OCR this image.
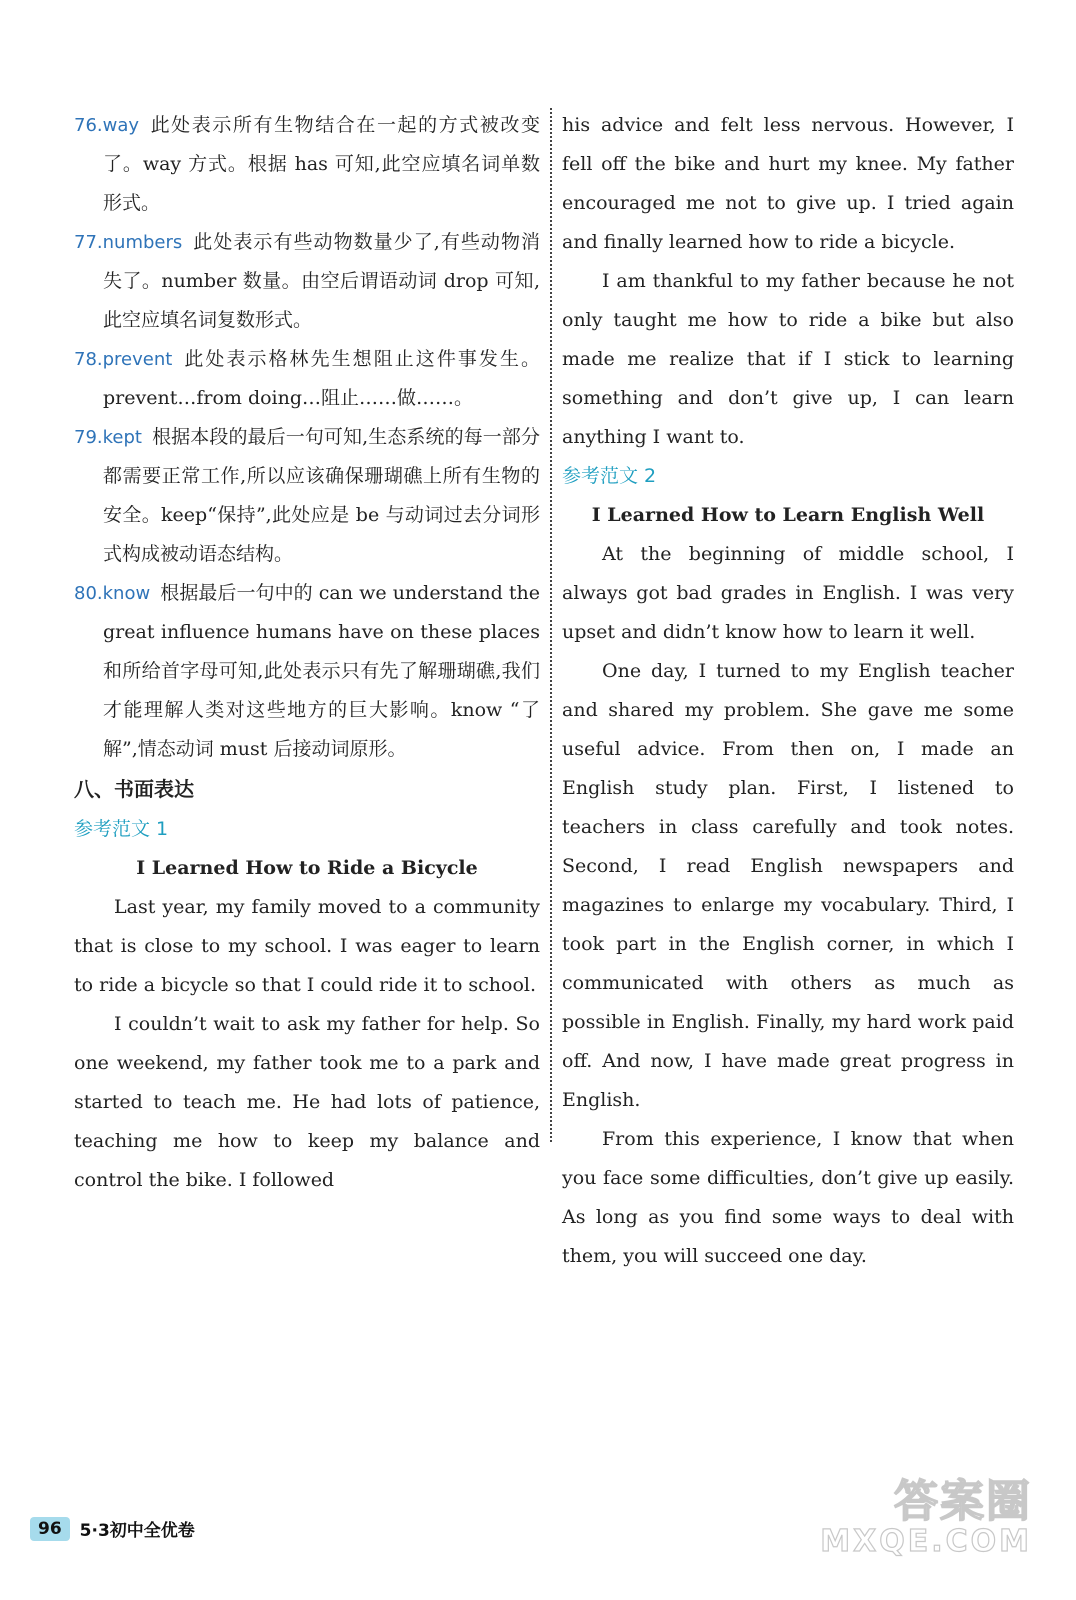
76.way 此处表示所有生物结合在一起的方式被改变了。way 方式。根据 has 可知,此空应填名词单数形式。

77.numbers 此处表示有些动物数量少了,有些动物消失了。number 数量。由空后谓语动词 drop 可知,此空应填名词复数形式。

78.prevent 此处表示格林先生想阻止这件事发生。prevent…from doing…阻止……做……。

79.kept 根据本段的最后一句可知,生态系统的每一部分都需要正常工作,所以应该确保珊瑚礁上所有生物的安全。keep“保持”,此处应是 be 与动词过去分词形式构成被动语态结构。

80.know 根据最后一句中的 can we understand the great influence humans have on these places 和所给首字母可知,此处表示只有先了解珊瑚礁,我们才能理解人类对这些地方的巨大影响。know “了解”,情态动词 must 后接动词原形。

八、书面表达

参考范文 1

I Learned How to Ride a Bicycle

Last year, my family moved to a community that is close to my school. I was eager to learn to ride a bicycle so that I could ride it to school.

I couldn’t wait to ask my father for help. So one weekend, my father took me to a park and started to teach me. He had lots of patience, teaching me how to keep my balance and control the bike. I followed

his advice and felt less nervous. However, I fell off the bike and hurt my knee. My father encouraged me not to give up. I tried again and finally learned how to ride a bicycle.

I am thankful to my father because he not only taught me how to ride a bike but also made me realize that if I stick to learning something and don’t give up, I can learn anything I want to.

参考范文 2

I Learned How to Learn English Well

At the beginning of middle school, I always got bad grades in English. I was very upset and didn’t know how to learn it well.

One day, I turned to my English teacher and shared my problem. She gave me some useful advice. From then on, I made an English study plan. First, I listened to teachers in class carefully and took notes. Second, I read English newspapers and magazines to enlarge my vocabulary. Third, I took part in the English corner, in which I communicated with others as much as possible in English. Finally, my hard work paid off. And now, I have made great progress in English.

From this experience, I know that when you face some difficulties, don’t give up easily. As long as you find some ways to deal with them, you will succeed one day.

96	5·3初中全优卷
答案圈
MXQE.COM
